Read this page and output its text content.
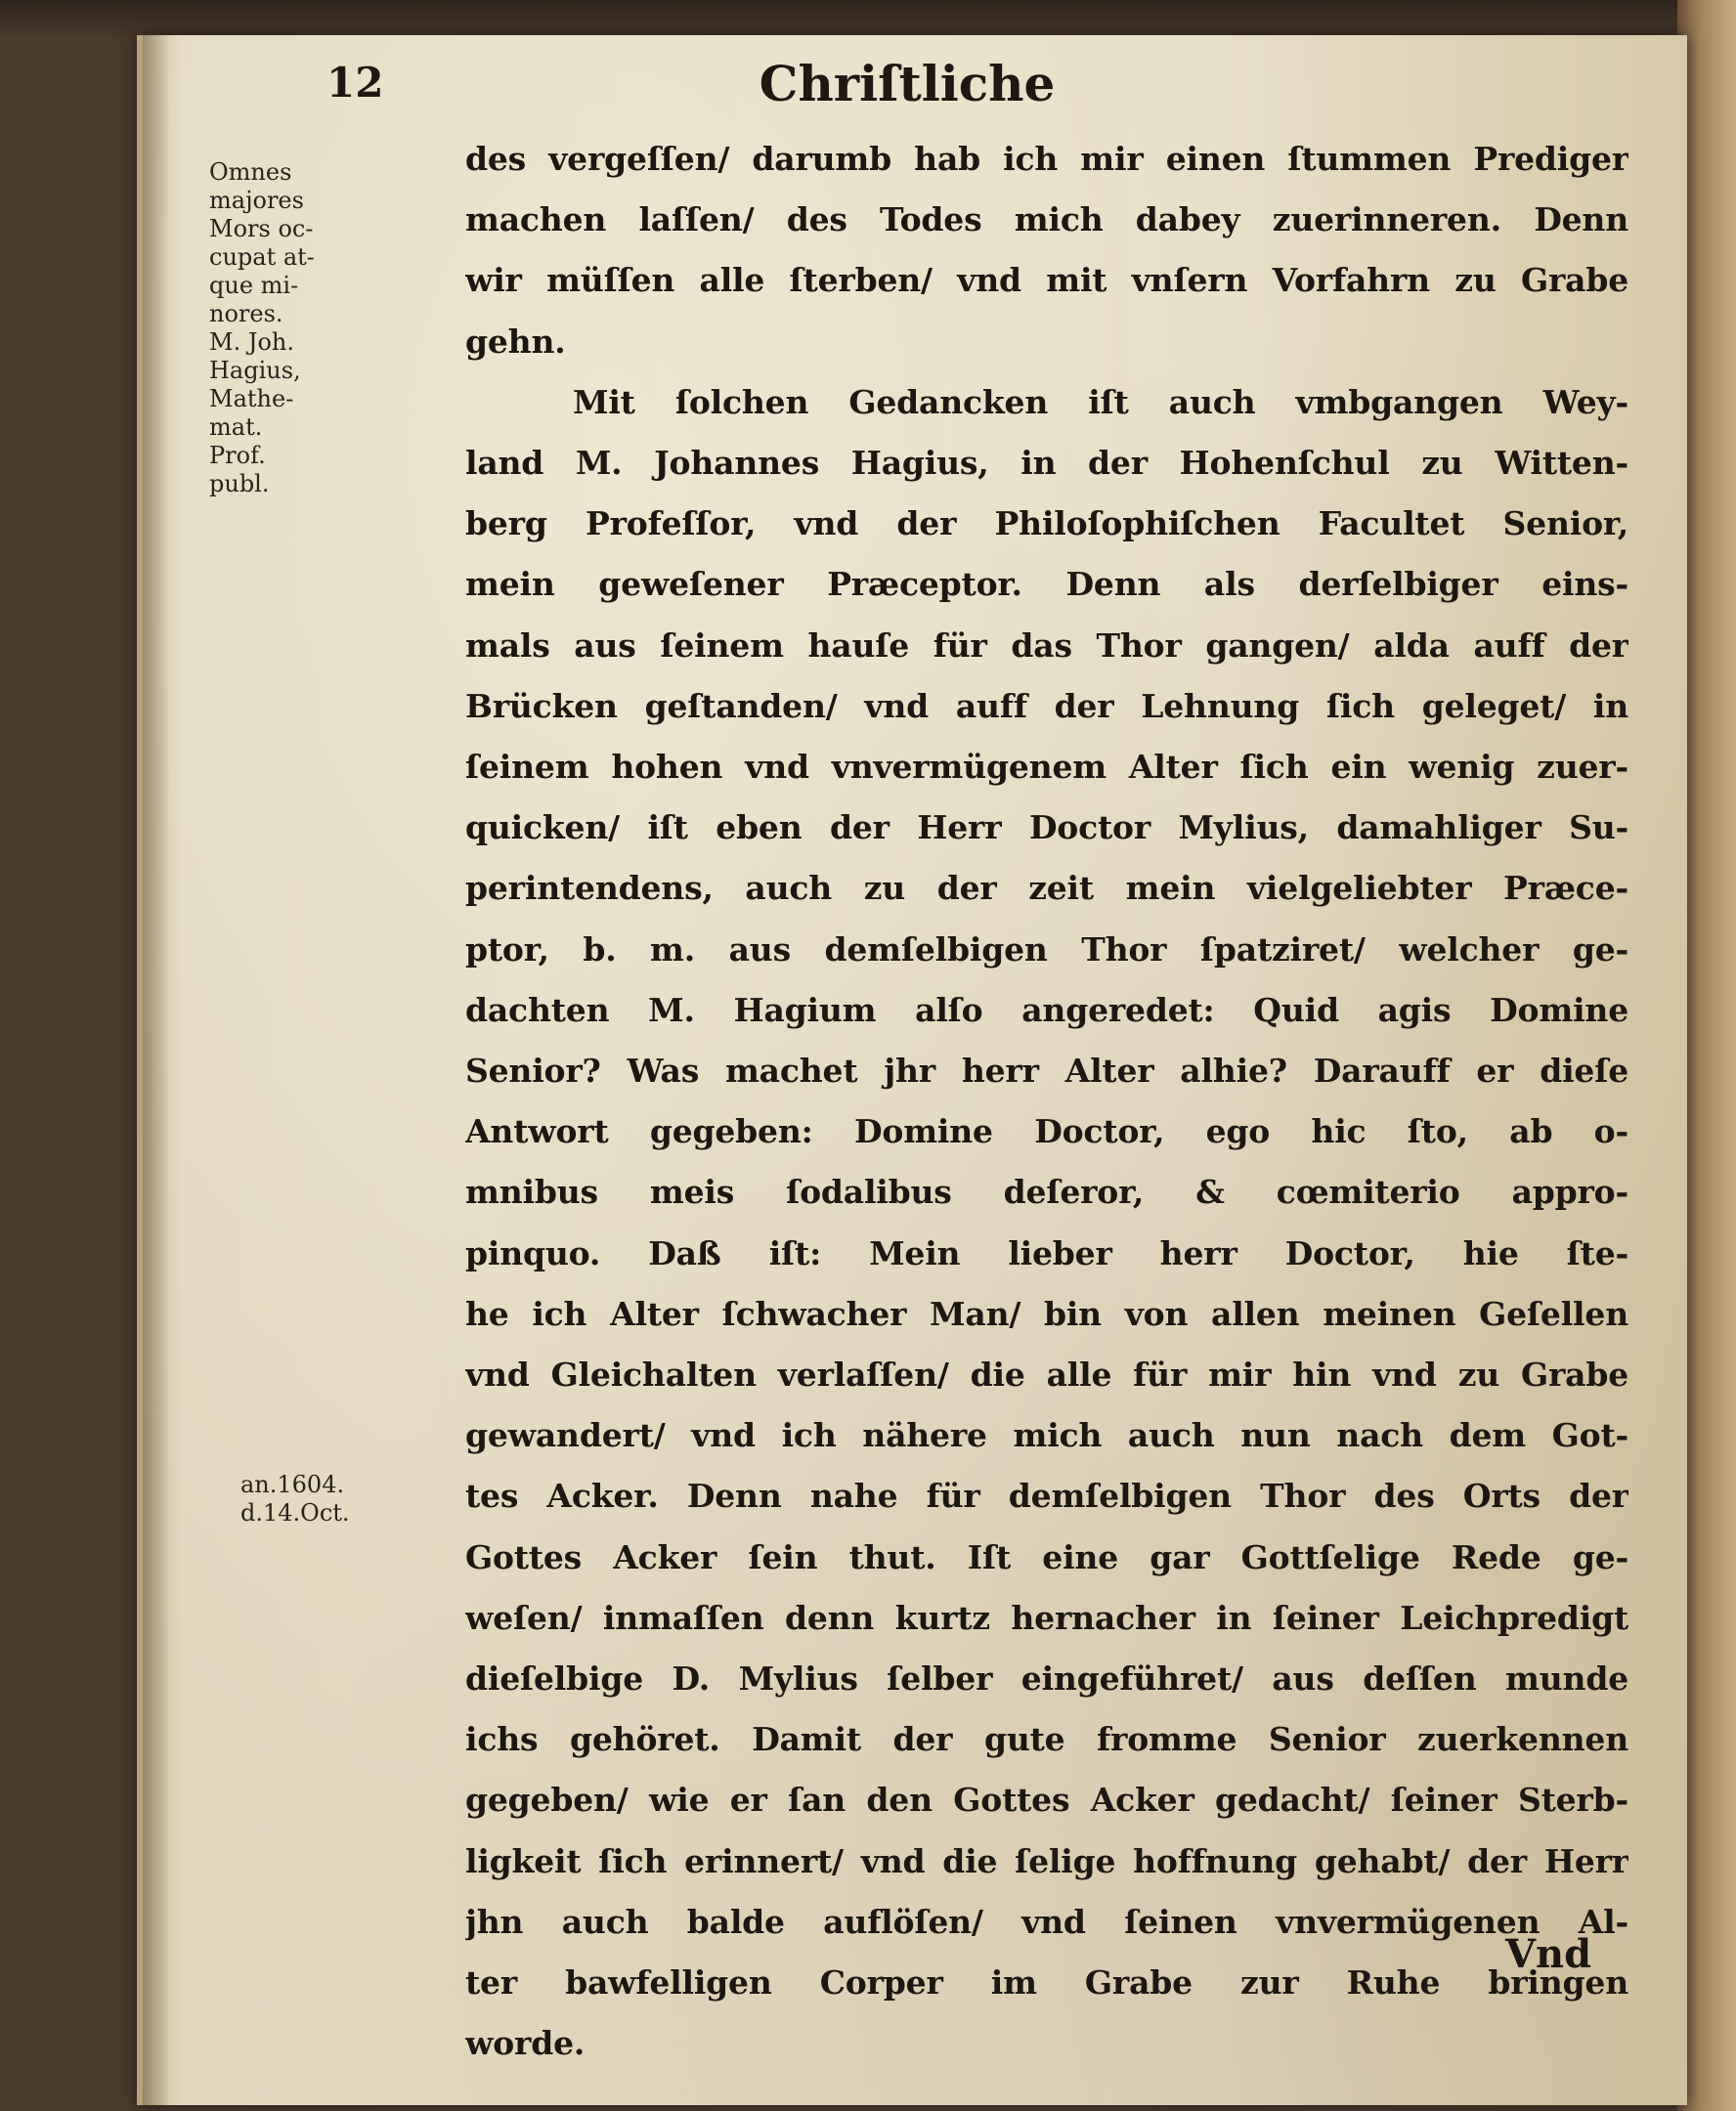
12	Chriſtliche
Omnes
majores
Mors oc-
cupat at-
que mi-
nores.
M. Joh.
Hagius,
Mathe-
mat.
Prof.
publ.
an.1604.
d.14.Oct.
des vergeſſen/ darumb hab ich mir einen ſtummen Prediger
machen laſſen/ des Todes mich dabey zuerinneren. Denn
wir müſſen alle ſterben/ vnd mit vnſern Vorfahrn zu Grabe
gehn.
Mit ſolchen Gedancken iſt auch vmbgangen Wey-
land M. Johannes Hagius, in der Hohenſchul zu Witten-
berg Profeſſor, vnd der Philoſophiſchen Facultet Senior,
mein geweſener Præceptor. Denn als derſelbiger eins-
mals aus ſeinem hauſe für das Thor gangen/ alda auff der
Brücken geſtanden/ vnd auff der Lehnung ſich geleget/ in
ſeinem hohen vnd vnvermügenem Alter ſich ein wenig zuer-
quicken/ iſt eben der Herr Doctor Mylius, damahliger Su-
perintendens, auch zu der zeit mein vielgeliebter Præce-
ptor, b. m. aus demſelbigen Thor ſpatziret/ welcher ge-
dachten M. Hagium alſo angeredet: Quid agis Domine
Senior? Was machet jhr herr Alter alhie? Darauff er dieſe
Antwort gegeben: Domine Doctor, ego hic ſto, ab o-
mnibus meis ſodalibus deſeror, & cœmiterio appro-
pinquo. Daß iſt: Mein lieber herr Doctor, hie ſte-
he ich Alter ſchwacher Man/ bin von allen meinen Geſellen
vnd Gleichalten verlaſſen/ die alle für mir hin vnd zu Grabe
gewandert/ vnd ich nähere mich auch nun nach dem Got-
tes Acker. Denn nahe für demſelbigen Thor des Orts der
Gottes Acker ſein thut. Iſt eine gar Gottſelige Rede ge-
weſen/ inmaſſen denn kurtz hernacher in ſeiner Leichpredigt
dieſelbige D. Mylius ſelber eingeführet/ aus deſſen munde
ichs gehöret. Damit der gute fromme Senior zuerkennen
gegeben/ wie er ſan den Gottes Acker gedacht/ ſeiner Sterb-
ligkeit ſich erinnert/ vnd die ſelige hoffnung gehabt/ der Herr
jhn auch balde auflöſen/ vnd ſeinen vnvermügenen Al-
ter bawfelligen Corper im Grabe zur Ruhe bringen
worde.
Vnd
